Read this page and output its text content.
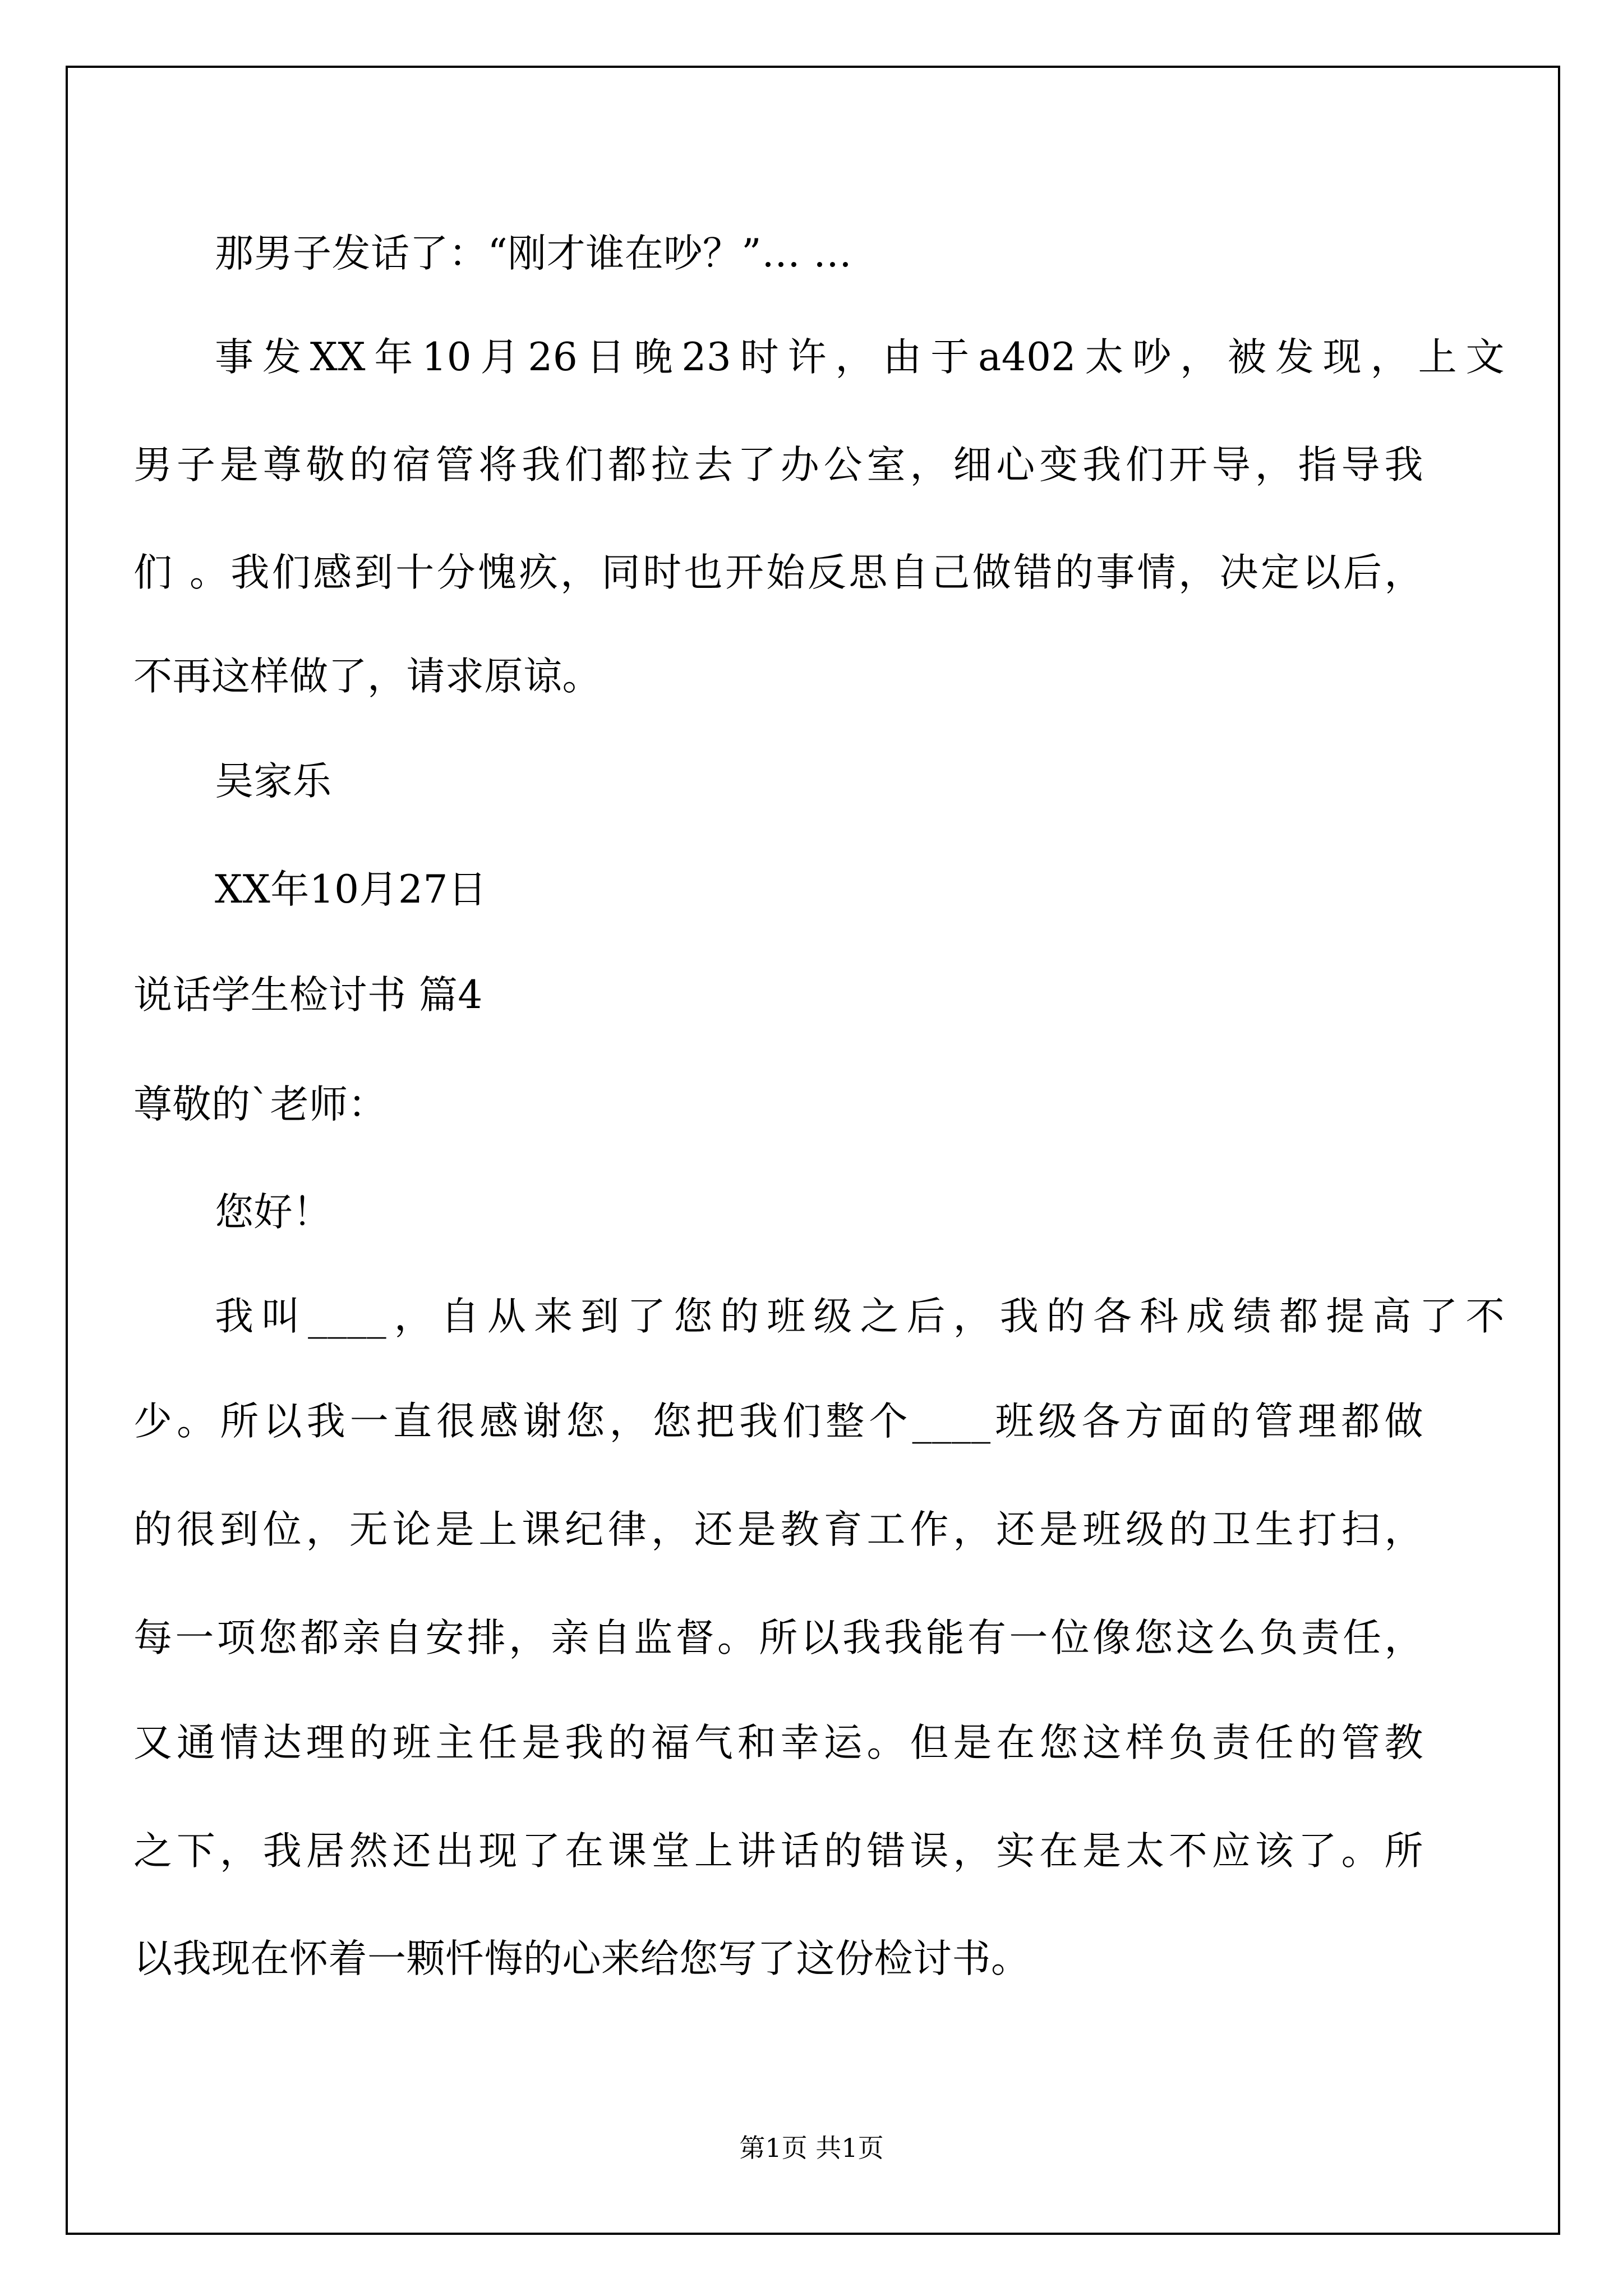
那男子发话了：“刚才谁在吵？”… …
事发XX年10月26日晚23时许，由于a402太吵，被发现，上文
男子是尊敬的宿管将我们都拉去了办公室，细心变我们开导，指导我
们 。我们感到十分愧疚，同时也开始反思自己做错的事情，决定以后，
不再这样做了，请求原谅。
吴家乐
XX年10月27日
说话学生检讨书 篇4
尊敬的`老师：
您好！
我叫____，自从来到了您的班级之后，我的各科成绩都提高了不
少。所以我一直很感谢您，您把我们整个____班级各方面的管理都做
的很到位，无论是上课纪律，还是教育工作，还是班级的卫生打扫，
每一项您都亲自安排，亲自监督。所以我我能有一位像您这么负责任，
又通情达理的班主任是我的福气和幸运。但是在您这样负责任的管教
之下，我居然还出现了在课堂上讲话的错误，实在是太不应该了。所
以我现在怀着一颗忏悔的心来给您写了这份检讨书。
第1页 共1页
